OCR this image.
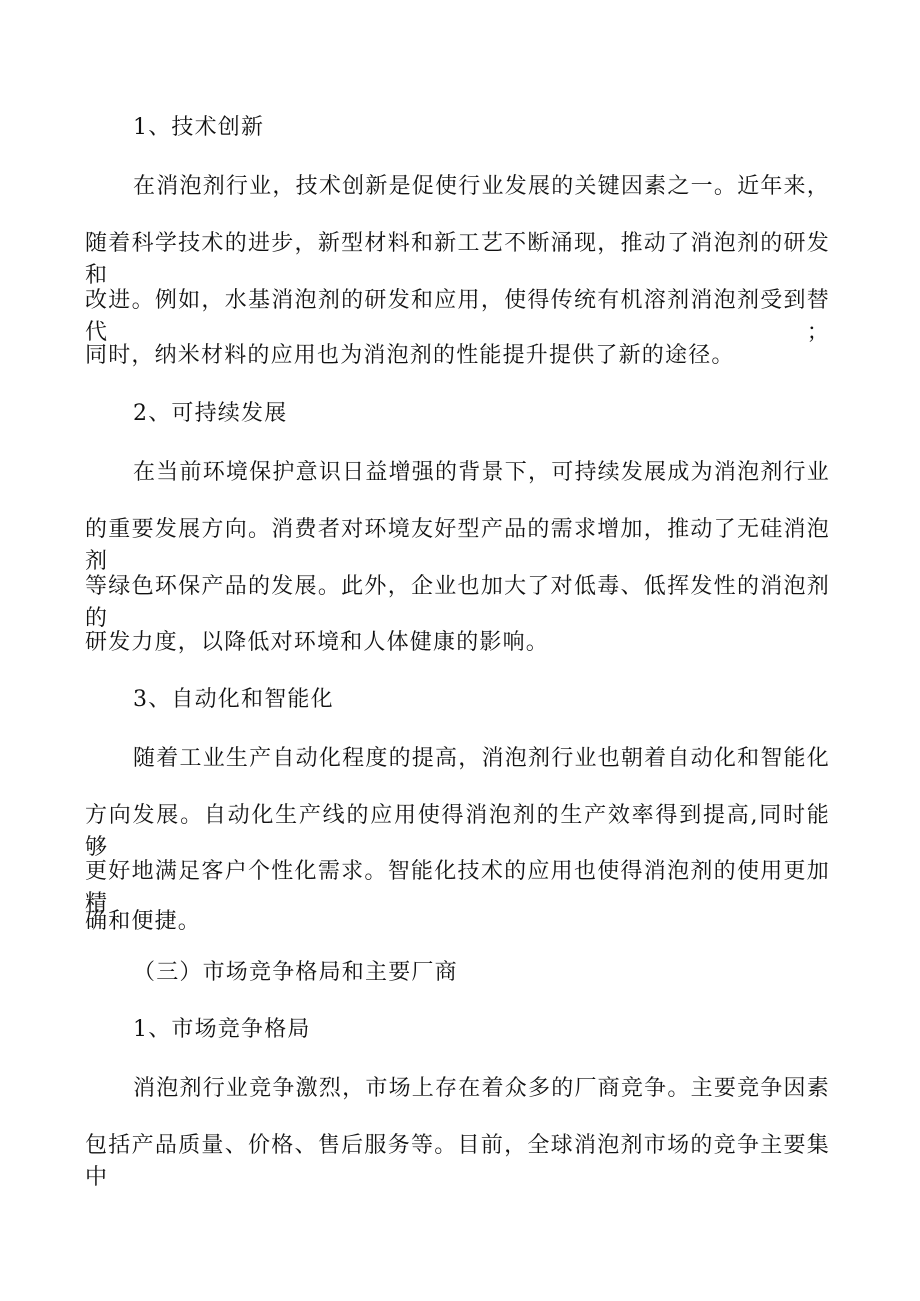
1、技术创新

在消泡剂行业，技术创新是促使行业发展的关键因素之一。近年来，

随着科学技术的进步，新型材料和新工艺不断涌现，推动了消泡剂的研发和

改进。例如，水基消泡剂的研发和应用，使得传统有机溶剂消泡剂受到替代；

同时，纳米材料的应用也为消泡剂的性能提升提供了新的途径。

2、可持续发展

在当前环境保护意识日益增强的背景下，可持续发展成为消泡剂行业

的重要发展方向。消费者对环境友好型产品的需求增加，推动了无硅消泡剂

等绿色环保产品的发展。此外，企业也加大了对低毒、低挥发性的消泡剂的

研发力度，以降低对环境和人体健康的影响。

3、自动化和智能化

随着工业生产自动化程度的提高，消泡剂行业也朝着自动化和智能化

方向发展。自动化生产线的应用使得消泡剂的生产效率得到提高,同时能够

更好地满足客户个性化需求。智能化技术的应用也使得消泡剂的使用更加精

确和便捷。

（三）市场竞争格局和主要厂商

1、市场竞争格局

消泡剂行业竞争激烈，市场上存在着众多的厂商竞争。主要竞争因素

包括产品质量、价格、售后服务等。目前，全球消泡剂市场的竞争主要集中
